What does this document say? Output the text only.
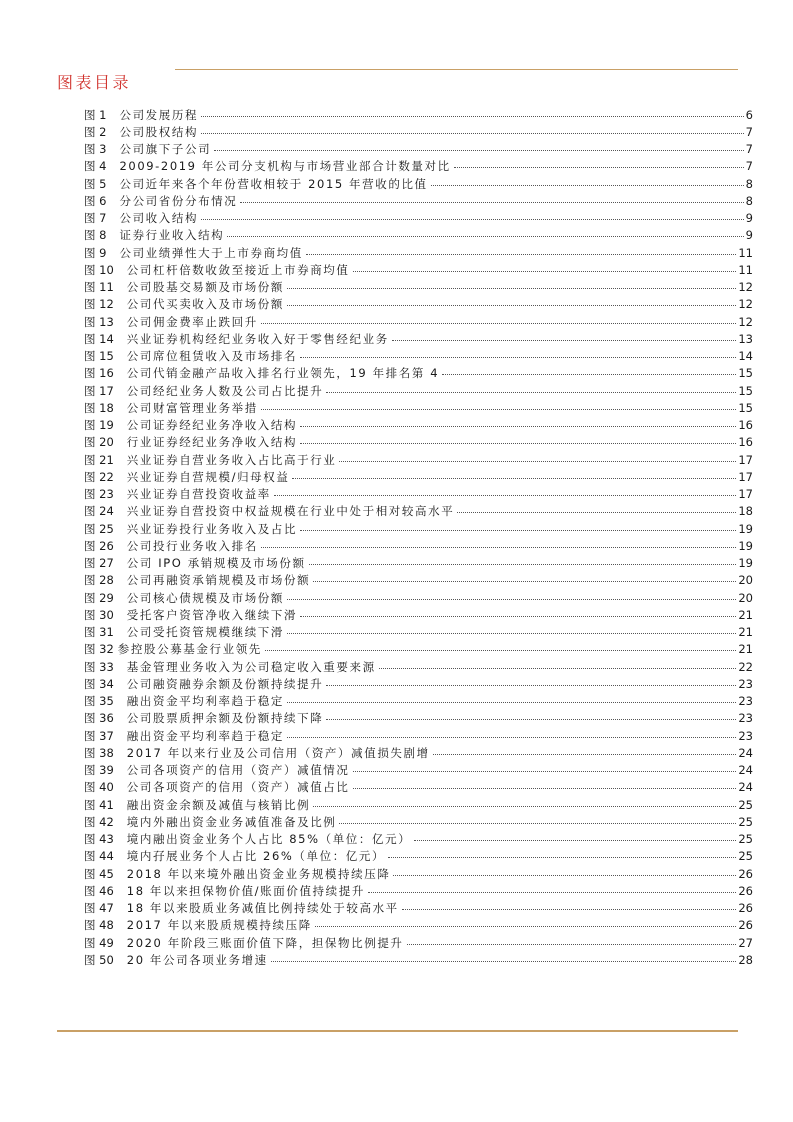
图表目录
图 1 公司发展历程	6
图 2 公司股权结构	7
图 3 公司旗下子公司	7
图 4 2009-2019 年公司分支机构与市场营业部合计数量对比	7
图 5 公司近年来各个年份营收相较于 2015 年营收的比值	8
图 6 分公司省份分布情况	8
图 7 公司收入结构	9
图 8 证券行业收入结构	9
图 9 公司业绩弹性大于上市券商均值	11
图 10 公司杠杆倍数收敛至接近上市券商均值	11
图 11 公司股基交易额及市场份额	12
图 12 公司代买卖收入及市场份额	12
图 13 公司佣金费率止跌回升	12
图 14 兴业证券机构经纪业务收入好于零售经纪业务	13
图 15 公司席位租赁收入及市场排名	14
图 16 公司代销金融产品收入排名行业领先，19 年排名第 4	15
图 17 公司经纪业务人数及公司占比提升	15
图 18 公司财富管理业务举措	15
图 19 公司证券经纪业务净收入结构	16
图 20 行业证券经纪业务净收入结构	16
图 21 兴业证券自营业务收入占比高于行业	17
图 22 兴业证券自营规模/归母权益	17
图 23 兴业证券自营投资收益率	17
图 24 兴业证券自营投资中权益规模在行业中处于相对较高水平	18
图 25 兴业证券投行业务收入及占比	19
图 26 公司投行业务收入排名	19
图 27 公司 IPO 承销规模及市场份额	19
图 28 公司再融资承销规模及市场份额	20
图 29 公司核心债规模及市场份额	20
图 30 受托客户资管净收入继续下滑	21
图 31 公司受托资管规模继续下滑	21
图 32 参控股公募基金行业领先	21
图 33 基金管理业务收入为公司稳定收入重要来源	22
图 34 公司融资融券余额及份额持续提升	23
图 35 融出资金平均利率趋于稳定	23
图 36 公司股票质押余额及份额持续下降	23
图 37 融出资金平均利率趋于稳定	23
图 38 2017 年以来行业及公司信用（资产）减值损失剧增	24
图 39 公司各项资产的信用（资产）减值情况	24
图 40 公司各项资产的信用（资产）减值占比	24
图 41 融出资金余额及减值与核销比例	25
图 42 境内外融出资金业务减值准备及比例	25
图 43 境内融出资金业务个人占比 85%（单位：亿元）	25
图 44 境内孖展业务个人占比 26%（单位：亿元）	25
图 45 2018 年以来境外融出资金业务规模持续压降	26
图 46 18 年以来担保物价值/账面价值持续提升	26
图 47 18 年以来股质业务减值比例持续处于较高水平	26
图 48 2017 年以来股质规模持续压降	26
图 49 2020 年阶段三账面价值下降，担保物比例提升	27
图 50 20 年公司各项业务增速	28
